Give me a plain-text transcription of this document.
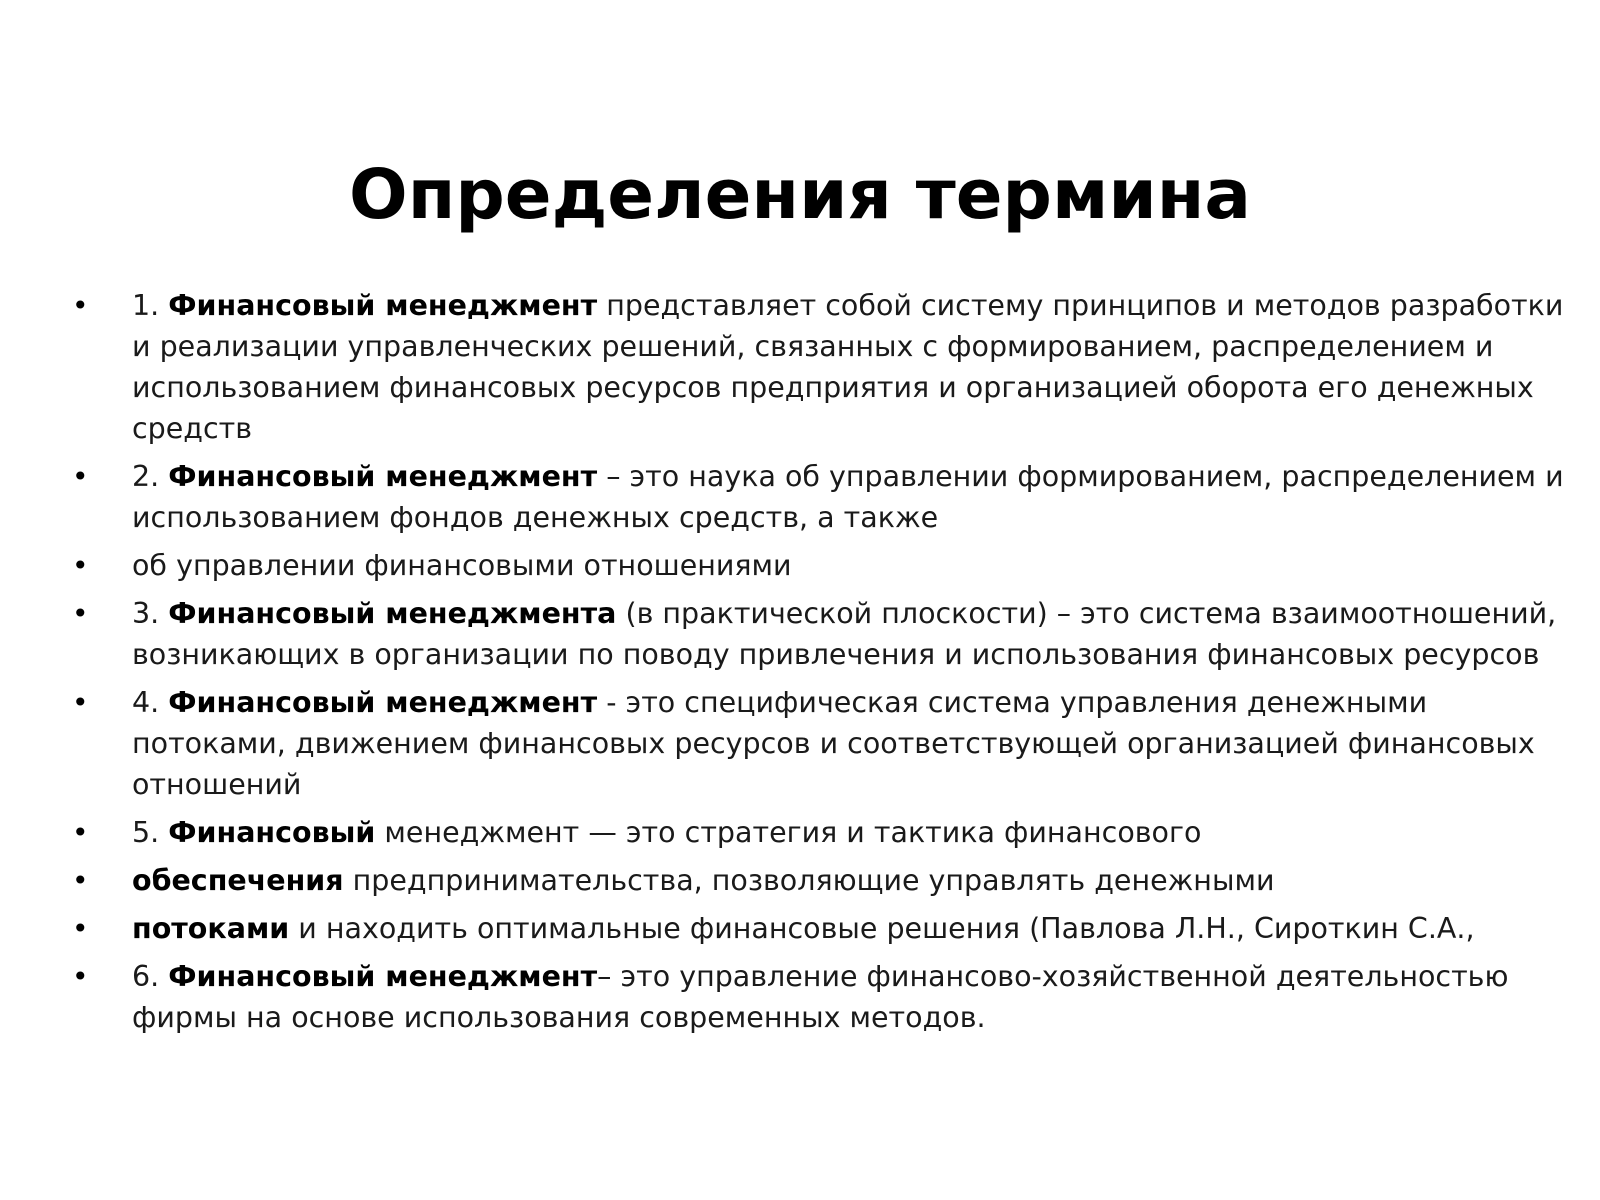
Определения термина
• 1. Финансовый менеджмент представляет собой систему принципов и методов разработки и реализации управленческих решений, связанных с формированием, распределением и использованием финансовых ресурсов предприятия и организацией оборота его денежных средств
• 2. Финансовый менеджмент – это наука об управлении формированием, распределением и использованием фондов денежных средств, а также
• об управлении финансовыми отношениями
• 3. Финансовый менеджмента (в практической плоскости) – это система взаимоотношений, возникающих в организации по поводу привлечения и использования финансовых ресурсов
• 4. Финансовый менеджмент - это специфическая система управления денежными потоками, движением финансовых ресурсов и соответствующей организацией финансовых отношений
• 5. Финансовый менеджмент — это стратегия и тактика финансового
• обеспечения предпринимательства, позволяющие управлять денежными
• потоками и находить оптимальные финансовые решения (Павлова Л.Н., Сироткин С.А.,
• 6. Финансовый менеджмент– это управление финансово-хозяйственной деятельностью фирмы на основе использования современных методов.
